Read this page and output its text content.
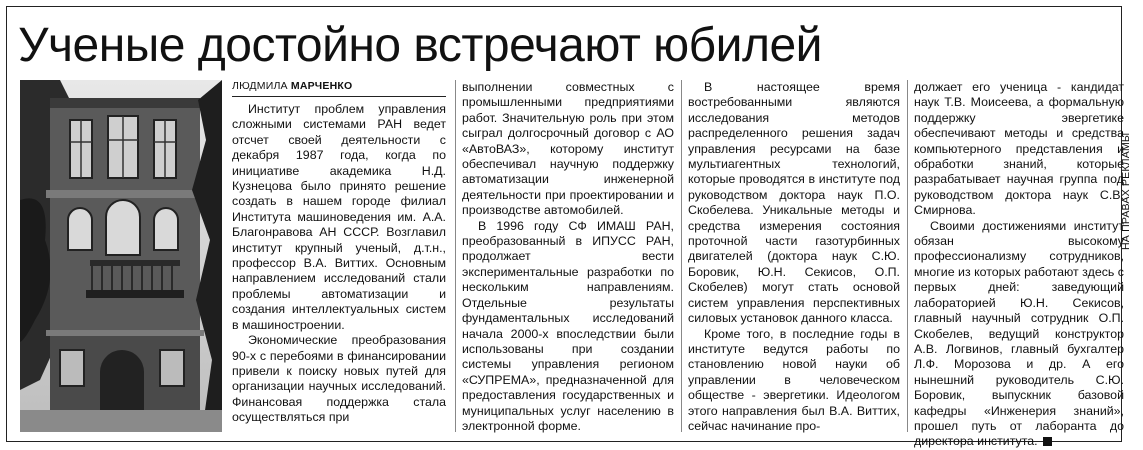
Ученые достойно встречают юбилей
НА ПРАВАХ РЕКЛАМЫ
ЛЮДМИЛА МАРЧЕНКО

Институт проблем управления сложными системами РАН ведет отсчет своей деятельности с декабря 1987 года, когда по инициативе академика Н.Д. Кузнецова было принято решение создать в нашем городе филиал Института машиноведения им. А.А. Благонравова АН СССР. Возглавил институт крупный ученый, д.т.н., профессор В.А. Виттих. Основным направлением исследований стали проблемы автоматизации и создания интеллектуальных систем в машиностроении.

Экономические преобразования 90-х с перебоями в финансировании привели к поиску новых путей для организации научных исследований. Финансовая поддержка стала осуществляться при

выполнении совместных с промышленными предприятиями работ. Значительную роль при этом сыграл долгосрочный договор с АО «АвтоВАЗ», которому институт обеспечивал научную поддержку автоматизации инженерной деятельности при проектировании и производстве автомобилей.

В 1996 году СФ ИМАШ РАН, преобразованный в ИПУСС РАН, продолжает вести экспериментальные разработки по нескольким направлениям. Отдельные результаты фундаментальных исследований начала 2000-х впоследствии были использованы при создании системы управления регионом «СУПРЕМА», предназначенной для предоставления государственных и муниципальных услуг населению в электронной форме.

В настоящее время востребованными являются исследования методов распределенного решения задач управления ресурсами на базе мультиагентных технологий, которые проводятся в институте под руководством доктора наук П.О. Скобелева. Уникальные методы и средства измерения состояния проточной части газотурбинных двигателей (доктора наук С.Ю. Боровик, Ю.Н. Секисов, О.П. Скобелев) могут стать основой систем управления перспективных силовых установок данного класса.

Кроме того, в последние годы в институте ведутся работы по становлению новой науки об управлении в человеческом обществе - эвергетики. Идеологом этого направления был В.А. Виттих, сейчас начинание про-

должает его ученица - кандидат наук Т.В. Моисеева, а формальную поддержку эвергетике обеспечивают методы и средства компьютерного представления и обработки знаний, которые разрабатывает научная группа под руководством доктора наук С.В. Смирнова.

Своими достижениями институт обязан высокому профессионализму сотрудников, многие из которых работают здесь с первых дней: заведующий лабораторией Ю.Н. Секисов, главный научный сотрудник О.П. Скобелев, ведущий конструктор А.В. Логвинов, главный бухгалтер Л.Ф. Морозова и др. А его нынешний руководитель С.Ю. Боровик, выпускник базовой кафедры «Инженерия знаний», прошел путь от лаборанта до директора института.
